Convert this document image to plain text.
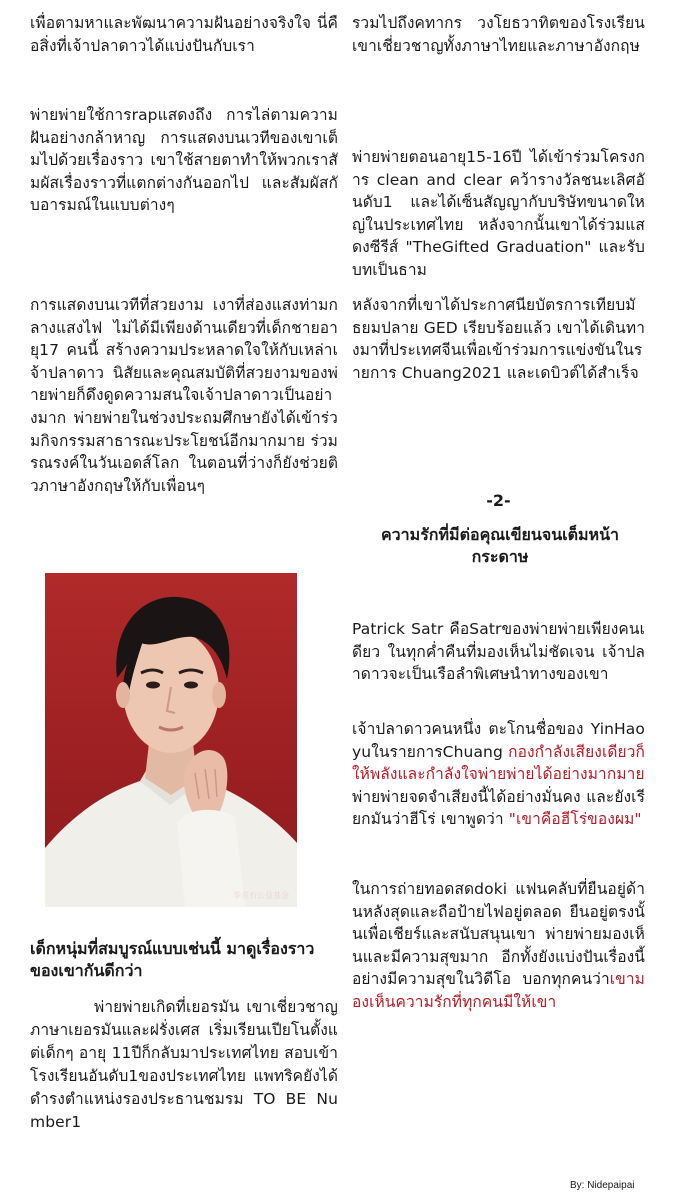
เพื่อตามหาและพัฒนาความฝันอย่างจริงใจ นี่คือสิ่งที่เจ้าปลาดาวได้แบ่งปันกับเรา

พ่ายพ่ายใช้การrapแสดงถึง การไล่ตามความฝันอย่างกล้าหาญ การแสดงบนเวทีของเขาเต็มไปด้วยเรื่องราว เขาใช้สายตาทำให้พวกเราสัมผัสเรื่องราวที่แตกต่างกันออกไป และสัมผัสกับอารมณ์ในแบบต่างๆ

การแสดงบนเวทีที่สวยงาม เงาที่ส่องแสงท่ามกลางแสงไฟ ไม่ได้มีเพียงด้านเดียวที่เด็กชายอายุ17 คนนี้ สร้างความประหลาดใจให้กับเหล่าเจ้าปลาดาว นิสัยและคุณสมบัติที่สวยงามของพ่ายพ่ายก็ดึงดูดความสนใจเจ้าปลาดาวเป็นอย่างมาก พ่ายพ่ายในช่วงประถมศึกษายังได้เข้าร่วมกิจกรรมสาธารณะประโยชน์อีกมากมาย ร่วมรณรงค์ในวันเอดส์โลก ในตอนที่ว่างก็ยังช่วยติวภาษาอังกฤษให้กับเพื่อนๆ

华音石公益基金

เด็กหนุ่มที่สมบูรณ์แบบเช่นนี้ มาดูเรื่องราวของเขากันดีกว่า

พ่ายพ่ายเกิดที่เยอรมัน เขาเชี่ยวชาญภาษาเยอรมันและฝรั่งเศส เริ่มเรียนเปียโนตั้งแต่เด็กๆ อายุ 11ปีก็กลับมาประเทศไทย สอบเข้าโรงเรียนอันดับ1ของประเทศไทย แพทริคยังได้ดำรงตำแหน่งรองประธานชมรม TO BE Number1

รวมไปถึงคทากร วงโยธวาทิตของโรงเรียน เขาเชี่ยวชาญทั้งภาษาไทยและภาษาอังกฤษ

พ่ายพ่ายตอนอายุ15-16ปี ได้เข้าร่วมโครงการ clean and clear คว้ารางวัลชนะเลิศอันดับ1 และได้เซ็นสัญญากับบริษัทขนาดใหญ่ในประเทศไทย หลังจากนั้นเขาได้ร่วมแสดงซีรีส์ "TheGifted Graduation" และรับบทเป็นธาม

หลังจากที่เขาได้ประกาศนียบัตรการเทียบมัธยมปลาย GED เรียบร้อยแล้ว เขาได้เดินทางมาที่ประเทศจีนเพื่อเข้าร่วมการแข่งขันในรายการ Chuang2021 และเดบิวต์ได้สำเร็จ

-2-

ความรักที่มีต่อคุณเขียนจนเต็มหน้ากระดาษ

Patrick Satr คือSatrของพ่ายพ่ายเพียงคนเดียว ในทุกค่ำคืนที่มองเห็นไม่ชัดเจน เจ้าปลาดาวจะเป็นเรือลำพิเศษนำทางของเขา

เจ้าปลาดาวคนหนึ่ง ตะโกนชื่อของ YinHaoyuในรายการChuang กองกำลังเสียงเดียวก็ให้พลังและกำลังใจพ่ายพ่ายได้อย่างมากมาย พ่ายพ่ายจดจำเสียงนี้ได้อย่างมั่นคง และยังเรียกมันว่าฮีโร่ เขาพูดว่า "เขาคือฮีโร่ของผม"

ในการถ่ายทอดสดdoki แฟนคลับที่ยืนอยู่ด้านหลังสุดและถือป้ายไฟอยู่ตลอด ยืนอยู่ตรงนั้นเพื่อเชียร์และสนับสนุนเขา พ่ายพ่ายมองเห็นและมีความสุขมาก อีกทั้งยังแบ่งปันเรื่องนี้อย่างมีความสุขในวิดีโอ บอกทุกคนว่าเขามองเห็นความรักที่ทุกคนมีให้เขา

By: Nidepaipai
